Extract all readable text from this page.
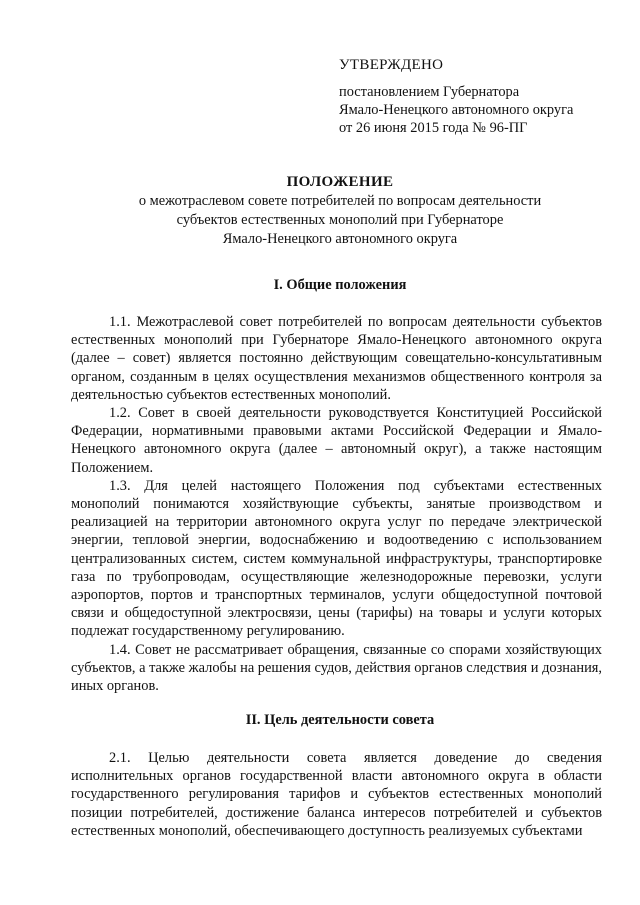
УТВЕРЖДЕНО
постановлением Губернатора
Ямало-Ненецкого автономного округа
от 26 июня 2015 года № 96-ПГ
ПОЛОЖЕНИЕ
о межотраслевом совете потребителей по вопросам деятельности
субъектов естественных монополий при Губернаторе
Ямало-Ненецкого автономного округа
I. Общие положения

1.1. Межотраслевой совет потребителей по вопросам деятельности субъектов естественных монополий при Губернаторе Ямало-Ненецкого автономного округа (далее – совет) является постоянно действующим совещательно-консультативным органом, созданным в целях осуществления механизмов общественного контроля за деятельностью субъектов естественных монополий.

1.2. Совет в своей деятельности руководствуется Конституцией Российской Федерации, нормативными правовыми актами Российской Федерации и Ямало-Ненецкого автономного округа (далее – автономный округ), а также настоящим Положением.

1.3. Для целей настоящего Положения под субъектами естественных монополий понимаются хозяйствующие субъекты, занятые производством и реализацией на территории автономного округа услуг по передаче электрической энергии, тепловой энергии, водоснабжению и водоотведению с использованием централизованных систем, систем коммунальной инфраструктуры, транспортировке газа по трубопроводам, осуществляющие железнодорожные перевозки, услуги аэропортов, портов и транспортных терминалов, услуги общедоступной почтовой связи и общедоступной электросвязи, цены (тарифы) на товары и услуги которых подлежат государственному регулированию.

1.4. Совет не рассматривает обращения, связанные со спорами хозяйствующих субъектов, а также жалобы на решения судов, действия органов следствия и дознания, иных органов.

II. Цель деятельности совета

2.1. Целью деятельности совета является доведение до сведения исполнительных органов государственной власти автономного округа в области государственного регулирования тарифов и субъектов естественных монополий позиции потребителей, достижение баланса интересов потребителей и субъектов естественных монополий, обеспечивающего доступность реализуемых субъектами
